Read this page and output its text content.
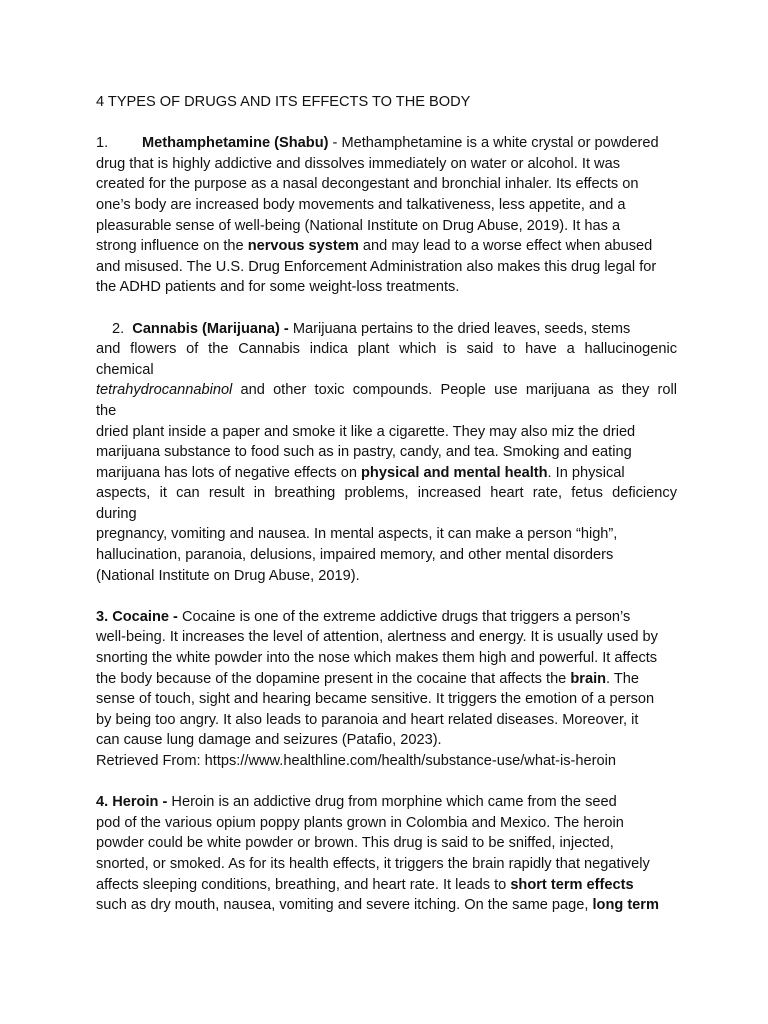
4 TYPES OF DRUGS AND ITS EFFECTS TO THE BODY
1. Methamphetamine (Shabu) - Methamphetamine is a white crystal or powdered
drug that is highly addictive and dissolves immediately on water or alcohol. It was
created for the purpose as a nasal decongestant and bronchial inhaler. Its effects on
one’s body are increased body movements and talkativeness, less appetite, and a
pleasurable sense of well-being (National Institute on Drug Abuse, 2019). It has a
strong influence on the nervous system and may lead to a worse effect when abused
and misused. The U.S. Drug Enforcement Administration also makes this drug legal for
the ADHD patients and for some weight-loss treatments.
2. Cannabis (Marijuana) - Marijuana pertains to the dried leaves, seeds, stems
and flowers of the Cannabis indica plant which is said to have a hallucinogenic
chemical
tetrahydrocannabinol and other toxic compounds. People use marijuana as they roll
the
dried plant inside a paper and smoke it like a cigarette. They may also miz the dried
marijuana substance to food such as in pastry, candy, and tea. Smoking and eating
marijuana has lots of negative effects on physical and mental health. In physical
aspects, it can result in breathing problems, increased heart rate, fetus deficiency
during
pregnancy, vomiting and nausea. In mental aspects, it can make a person “high”,
hallucination, paranoia, delusions, impaired memory, and other mental disorders
(National Institute on Drug Abuse, 2019).
3. Cocaine - Cocaine is one of the extreme addictive drugs that triggers a person’s
well-being. It increases the level of attention, alertness and energy. It is usually used by
snorting the white powder into the nose which makes them high and powerful. It affects
the body because of the dopamine present in the cocaine that affects the brain. The
sense of touch, sight and hearing became sensitive. It triggers the emotion of a person
by being too angry. It also leads to paranoia and heart related diseases. Moreover, it
can cause lung damage and seizures (Patafio, 2023).
Retrieved From: https://www.healthline.com/health/substance-use/what-is-heroin
4. Heroin - Heroin is an addictive drug from morphine which came from the seed
pod of the various opium poppy plants grown in Colombia and Mexico. The heroin
powder could be white powder or brown. This drug is said to be sniffed, injected,
snorted, or smoked. As for its health effects, it triggers the brain rapidly that negatively
affects sleeping conditions, breathing, and heart rate. It leads to short term effects
such as dry mouth, nausea, vomiting and severe itching. On the same page, long term
